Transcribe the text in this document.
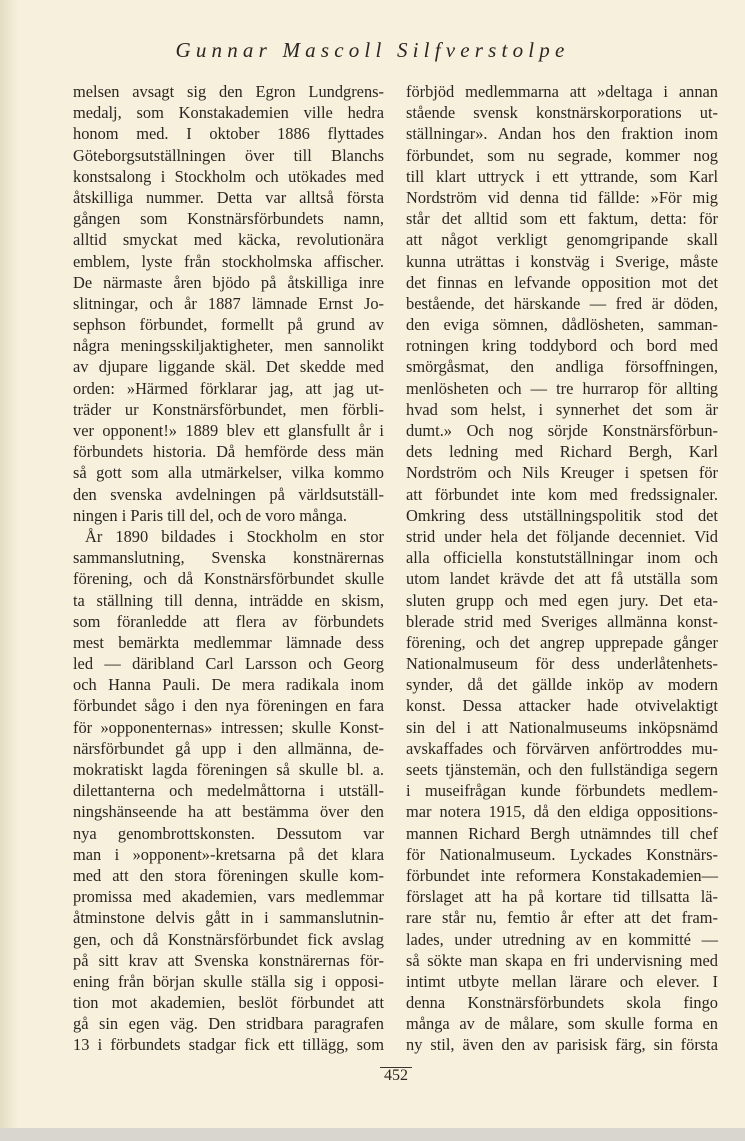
Gunnar Mascoll Silfverstolpe
melsen avsagt sig den Egron Lundgrens-
medalj, som Konstakademien ville hedra
honom med. I oktober 1886 flyttades
Göteborgsutställningen över till Blanchs
konstsalong i Stockholm och utökades med
åtskilliga nummer. Detta var alltså första
gången som Konstnärsförbundets namn,
alltid smyckat med käcka, revolutionära
emblem, lyste från stockholmska affischer.
De närmaste åren bjödo på åtskilliga inre
slitningar, och år 1887 lämnade Ernst Jo-
sephson förbundet, formellt på grund av
några meningsskiljaktigheter, men sannolikt
av djupare liggande skäl. Det skedde med
orden: »Härmed förklarar jag, att jag ut-
träder ur Konstnärsförbundet, men förbli-
ver opponent!» 1889 blev ett glansfullt år i
förbundets historia. Då hemförde dess män
så gott som alla utmärkelser, vilka kommo
den svenska avdelningen på världsutställ-
ningen i Paris till del, och de voro många.
År 1890 bildades i Stockholm en stor
sammanslutning, Svenska konstnärernas
förening, och då Konstnärsförbundet skulle
ta ställning till denna, inträdde en skism,
som föranledde att flera av förbundets
mest bemärkta medlemmar lämnade dess
led — däribland Carl Larsson och Georg
och Hanna Pauli. De mera radikala inom
förbundet sågo i den nya föreningen en fara
för »opponenternas» intressen; skulle Konst-
närsförbundet gå upp i den allmänna, de-
mokratiskt lagda föreningen så skulle bl. a.
dilettanterna och medelmåttorna i utställ-
ningshänseende ha att bestämma över den
nya genombrottskonsten. Dessutom var
man i »opponent»-kretsarna på det klara
med att den stora föreningen skulle kom-
promissa med akademien, vars medlemmar
åtminstone delvis gått in i sammanslutnin-
gen, och då Konstnärsförbundet fick avslag
på sitt krav att Svenska konstnärernas för-
ening från början skulle ställa sig i opposi-
tion mot akademien, beslöt förbundet att
gå sin egen väg. Den stridbara paragrafen
13 i förbundets stadgar fick ett tillägg, som
förbjöd medlemmarna att »deltaga i annan
stående svensk konstnärskorporations ut-
ställningar». Andan hos den fraktion inom
förbundet, som nu segrade, kommer nog
till klart uttryck i ett yttrande, som Karl
Nordström vid denna tid fällde: »För mig
står det alltid som ett faktum, detta: för
att något verkligt genomgripande skall
kunna uträttas i konstväg i Sverige, måste
det finnas en lefvande opposition mot det
bestående, det härskande — fred är döden,
den eviga sömnen, dådlösheten, samman-
rotningen kring toddybord och bord med
smörgåsmat, den andliga försoffningen,
menlösheten och — tre hurrarop för allting
hvad som helst, i synnerhet det som är
dumt.» Och nog sörjde Konstnärsförbun-
dets ledning med Richard Bergh, Karl
Nordström och Nils Kreuger i spetsen för
att förbundet inte kom med fredssignaler.
Omkring dess utställningspolitik stod det
strid under hela det följande decenniet. Vid
alla officiella konstutställningar inom och
utom landet krävde det att få utställa som
sluten grupp och med egen jury. Det eta-
blerade strid med Sveriges allmänna konst-
förening, och det angrep upprepade gånger
Nationalmuseum för dess underlåtenhets-
synder, då det gällde inköp av modern
konst. Dessa attacker hade otvivelaktigt
sin del i att Nationalmuseums inköpsnämd
avskaffades och förvärven anförtroddes mu-
seets tjänstemän, och den fullständiga segern
i museifrågan kunde förbundets medlem-
mar notera 1915, då den eldiga oppositions-
mannen Richard Bergh utnämndes till chef
för Nationalmuseum. Lyckades Konstnärs-
förbundet inte reformera Konstakademien—
förslaget att ha på kortare tid tillsatta lä-
rare står nu, femtio år efter att det fram-
lades, under utredning av en kommitté —
så sökte man skapa en fri undervisning med
intimt utbyte mellan lärare och elever. I
denna Konstnärsförbundets skola fingo
många av de målare, som skulle forma en
ny stil, även den av parisisk färg, sin första
452
